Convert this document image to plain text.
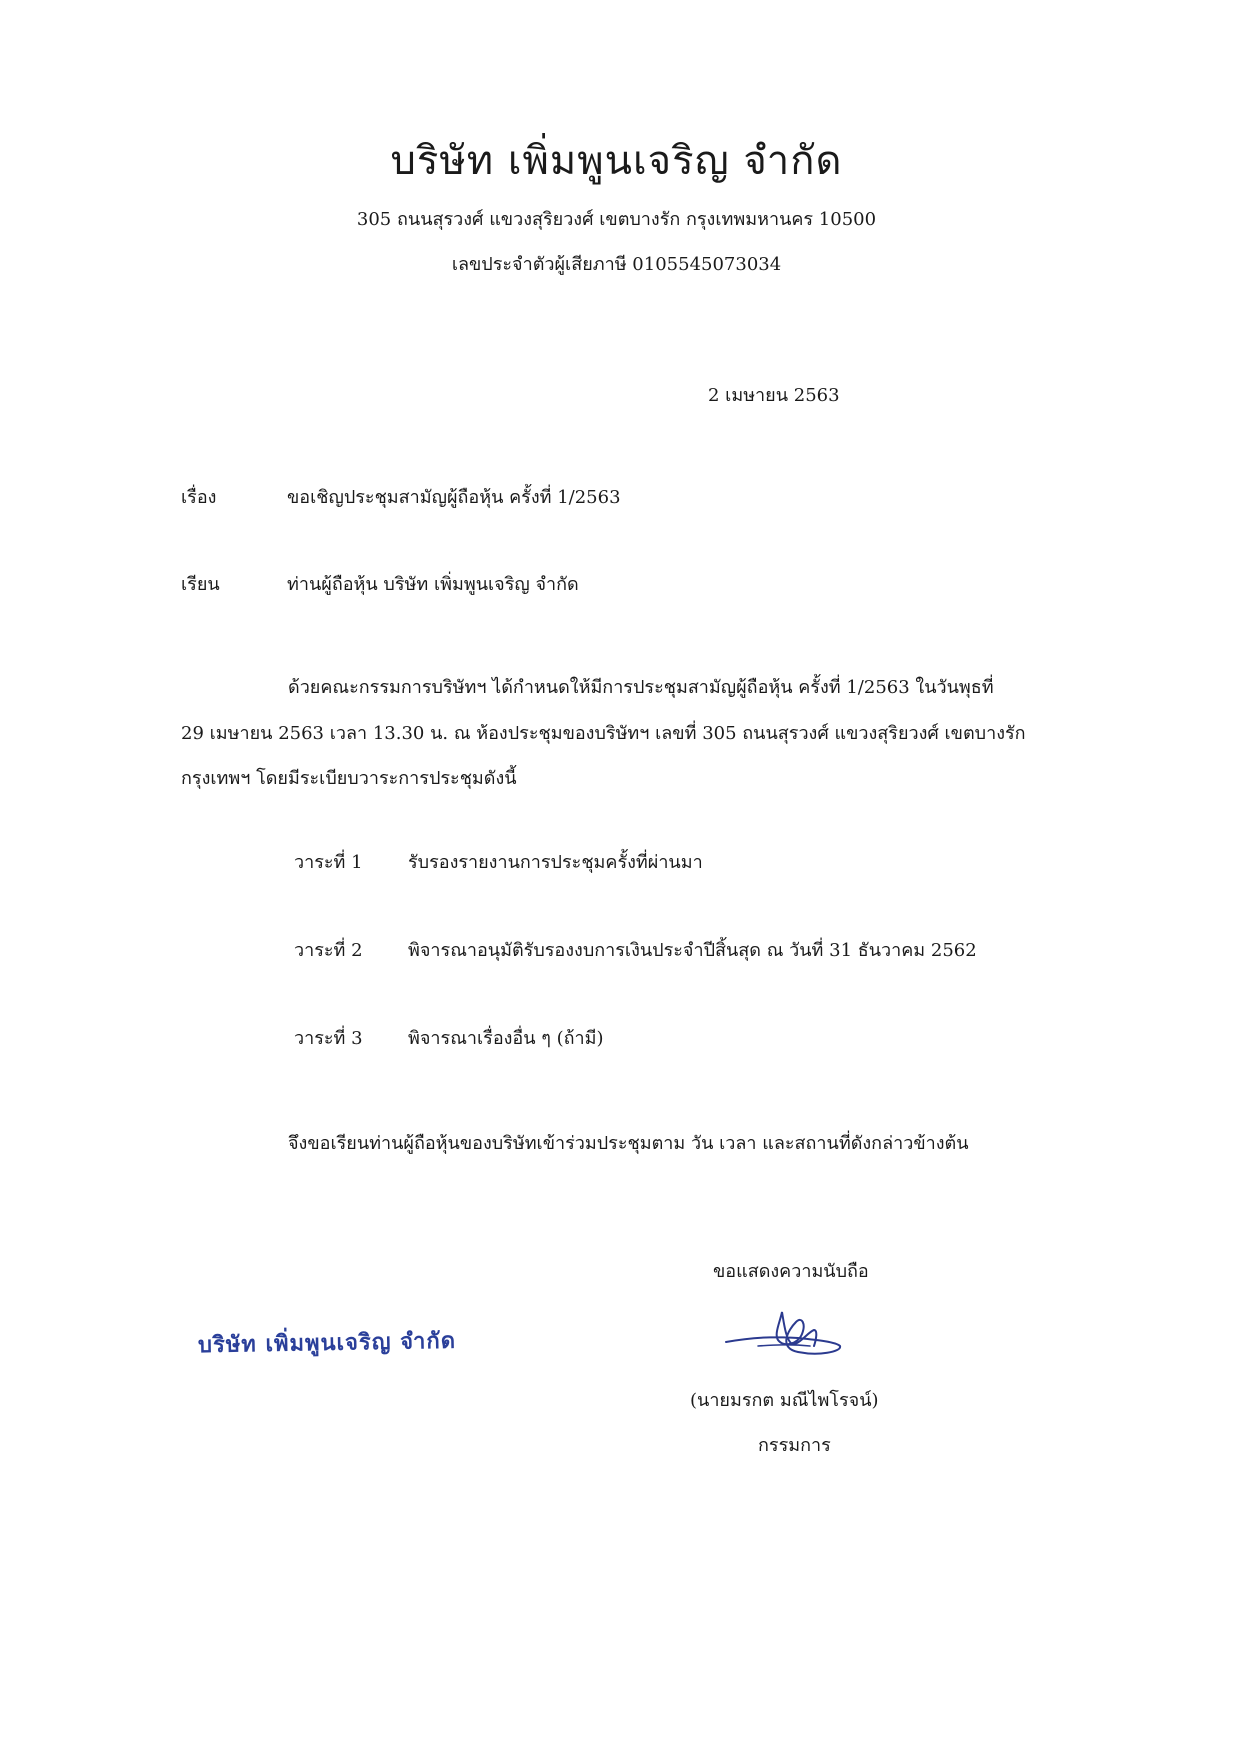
บริษัท เพิ่มพูนเจริญ จำกัด
305 ถนนสุรวงศ์ แขวงสุริยวงศ์ เขตบางรัก กรุงเทพมหานคร 10500
เลขประจำตัวผู้เสียภาษี 0105545073034
2 เมษายน 2563
เรื่อง	ขอเชิญประชุมสามัญผู้ถือหุ้น ครั้งที่ 1/2563
เรียน	ท่านผู้ถือหุ้น บริษัท เพิ่มพูนเจริญ จำกัด
ด้วยคณะกรรมการบริษัทฯ ได้กำหนดให้มีการประชุมสามัญผู้ถือหุ้น ครั้งที่ 1/2563 ในวันพุธที่
29 เมษายน 2563 เวลา 13.30 น. ณ ห้องประชุมของบริษัทฯ เลขที่ 305 ถนนสุรวงศ์ แขวงสุริยวงศ์ เขตบางรัก
กรุงเทพฯ โดยมีระเบียบวาระการประชุมดังนี้
วาระที่ 1	รับรองรายงานการประชุมครั้งที่ผ่านมา
วาระที่ 2	พิจารณาอนุมัติรับรองงบการเงินประจำปีสิ้นสุด ณ วันที่ 31 ธันวาคม 2562
วาระที่ 3	พิจารณาเรื่องอื่น ๆ (ถ้ามี)
จึงขอเรียนท่านผู้ถือหุ้นของบริษัทเข้าร่วมประชุมตาม วัน เวลา และสถานที่ดังกล่าวข้างต้น
ขอแสดงความนับถือ
บริษัท เพิ่มพูนเจริญ จำกัด
(นายมรกต มณีไพโรจน์)
กรรมการ
